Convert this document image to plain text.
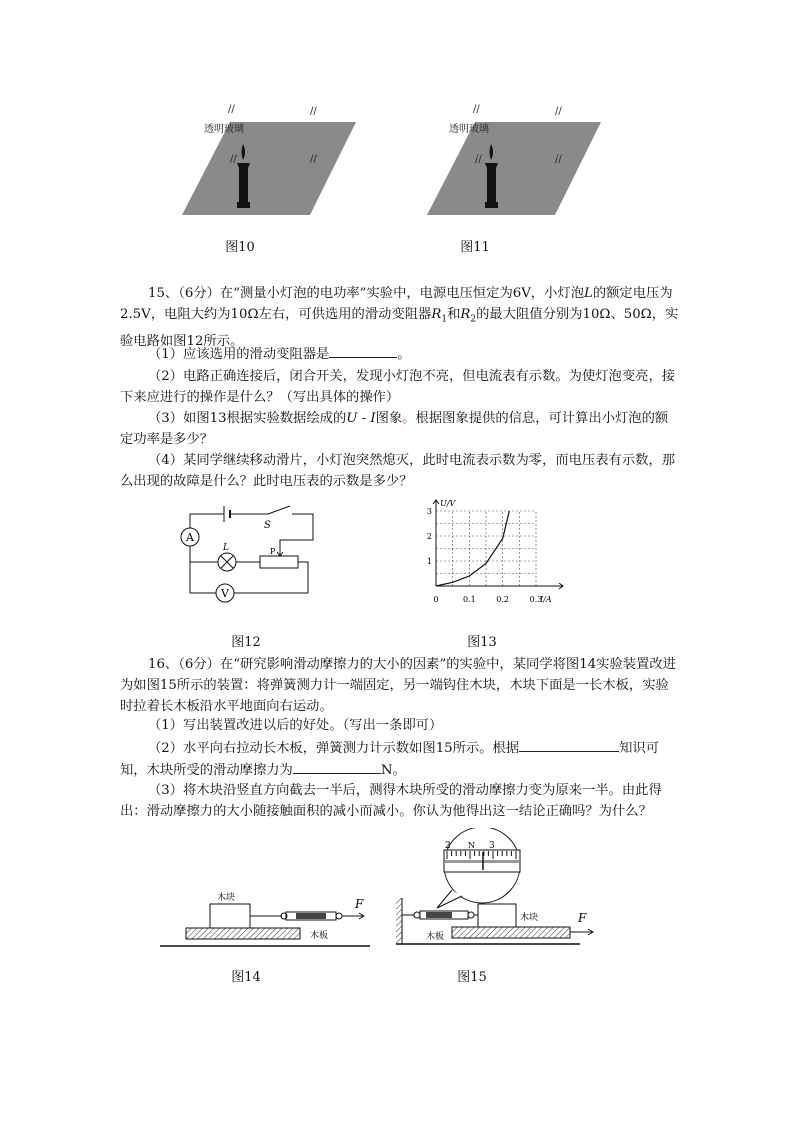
透明玻璃
//	//
//	//
图10
透明玻璃
//	//
//	//
图11

15、（6分）在“测量小灯泡的电功率”实验中，电源电压恒定为6V，小灯泡L的额定电压为2.5V，电阻大约为10Ω左右，可供选用的滑动变阻器$R_1$和$R_2$的最大阻值分别为10Ω、50Ω，实验电路如图12所示。

（1）应该选用的滑动变阻器是	。

（2）电路正确连接后，闭合开关，发现小灯泡不亮，但电流表有示数。为使灯泡变亮，接下来应进行的操作是什么？（写出具体的操作）

（3）如图13根据实验数据绘成的U - I图象。根据图象提供的信息，可计算出小灯泡的额定功率是多少？

（4）某同学继续移动滑片，小灯泡突然熄灭，此时电流表示数为零，而电压表有示数，那么出现的故障是什么？此时电压表的示数是多少？

A
V
S
L	P
图12
U/V
I/A
0	0.1	0.2	0.3
1
2
3
图13

16、（6分）在“研究影响滑动摩擦力的大小的因素”的实验中，某同学将图14实验装置改进为如图15所示的装置：将弹簧测力计一端固定，另一端钩住木块，木块下面是一长木板，实验时拉着长木板沿水平地面向右运动。

（1）写出装置改进以后的好处。（写出一条即可）

（2）水平向右拉动长木板，弹簧测力计示数如图15所示。根据	知识可知，木块所受的滑动摩擦力为	N。

（3）将木块沿竖直方向截去一半后，测得木块所受的滑动摩擦力变为原来一半。由此得出：滑动摩擦力的大小随接触面积的减小而减小。你认为他得出这一结论正确吗？为什么？

木块
木板
F
图14
2	3
N
木块
木板
F
图15
